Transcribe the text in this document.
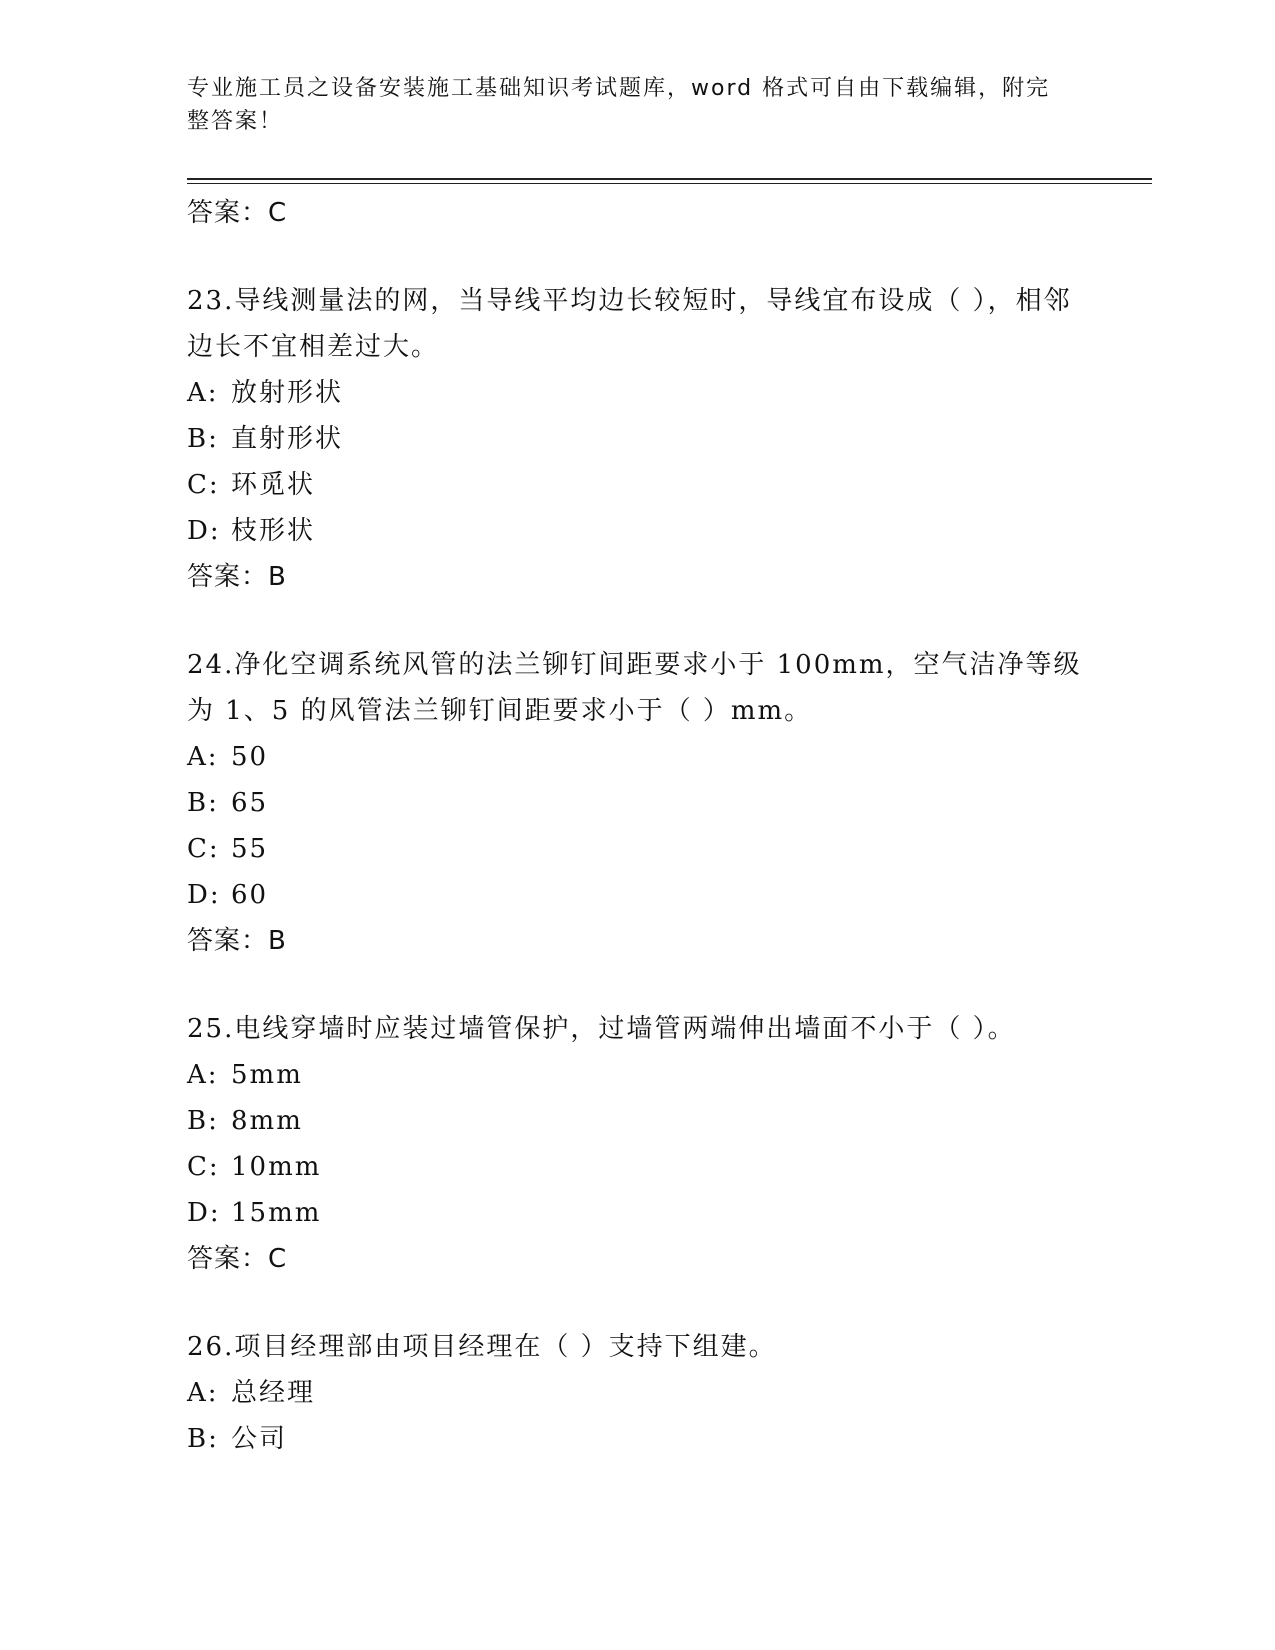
专业施工员之设备安装施工基础知识考试题库，word 格式可自由下载编辑，附完整答案！
答案：C
23.导线测量法的网，当导线平均边长较短时，导线宜布设成（ ），相邻边长不宜相差过大。
A: 放射形状
B: 直射形状
C: 环觅状
D: 枝形状
答案：B
24.净化空调系统风管的法兰铆钉间距要求小于 100mm，空气洁净等级为 1、5 的风管法兰铆钉间距要求小于（ ）mm。
A: 50
B: 65
C: 55
D: 60
答案：B
25.电线穿墙时应装过墙管保护，过墙管两端伸出墙面不小于（ ）。
A: 5mm
B: 8mm
C: 10mm
D: 15mm
答案：C
26.项目经理部由项目经理在（ ）支持下组建。
A: 总经理
B: 公司
